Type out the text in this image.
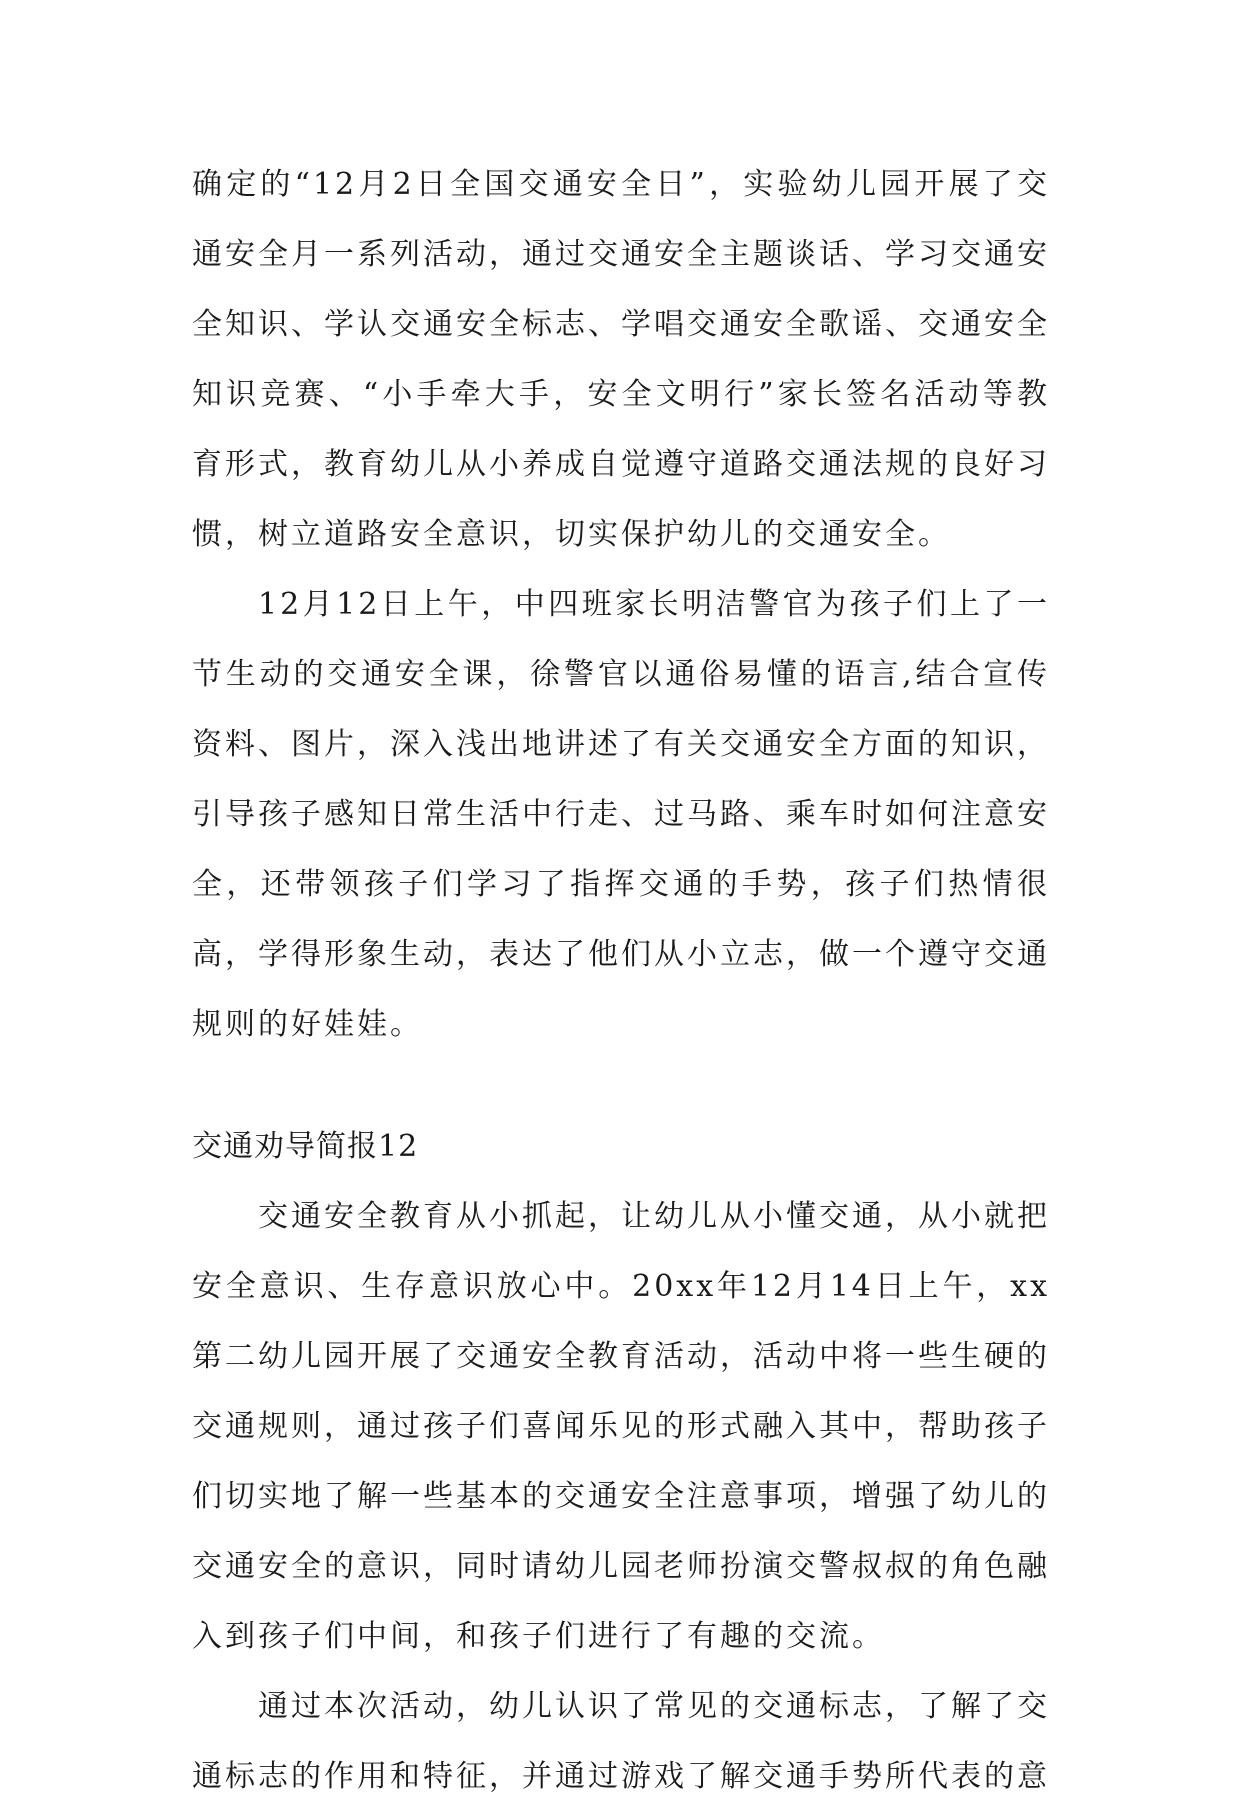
确定的“12月2日全国交通安全日”，实验幼儿园开展了交通安全月一系列活动，通过交通安全主题谈话、学习交通安全知识、学认交通安全标志、学唱交通安全歌谣、交通安全知识竞赛、“小手牵大手，安全文明行”家长签名活动等教育形式，教育幼儿从小养成自觉遵守道路交通法规的良好习惯，树立道路安全意识，切实保护幼儿的交通安全。

12月12日上午，中四班家长明洁警官为孩子们上了一节生动的交通安全课，徐警官以通俗易懂的语言,结合宣传资料、图片，深入浅出地讲述了有关交通安全方面的知识，引导孩子感知日常生活中行走、过马路、乘车时如何注意安全，还带领孩子们学习了指挥交通的手势，孩子们热情很高，学得形象生动，表达了他们从小立志，做一个遵守交通规则的好娃娃。

交通劝导简报12

交通安全教育从小抓起，让幼儿从小懂交通，从小就把安全意识、生存意识放心中。20xx年12月14日上午，xx第二幼儿园开展了交通安全教育活动，活动中将一些生硬的交通规则，通过孩子们喜闻乐见的形式融入其中，帮助孩子们切实地了解一些基本的交通安全注意事项，增强了幼儿的交通安全的意识，同时请幼儿园老师扮演交警叔叔的角色融入到孩子们中间，和孩子们进行了有趣的交流。

通过本次活动，幼儿认识了常见的交通标志，了解了交通标志的作用和特征，并通过游戏了解交通手势所代表的意
